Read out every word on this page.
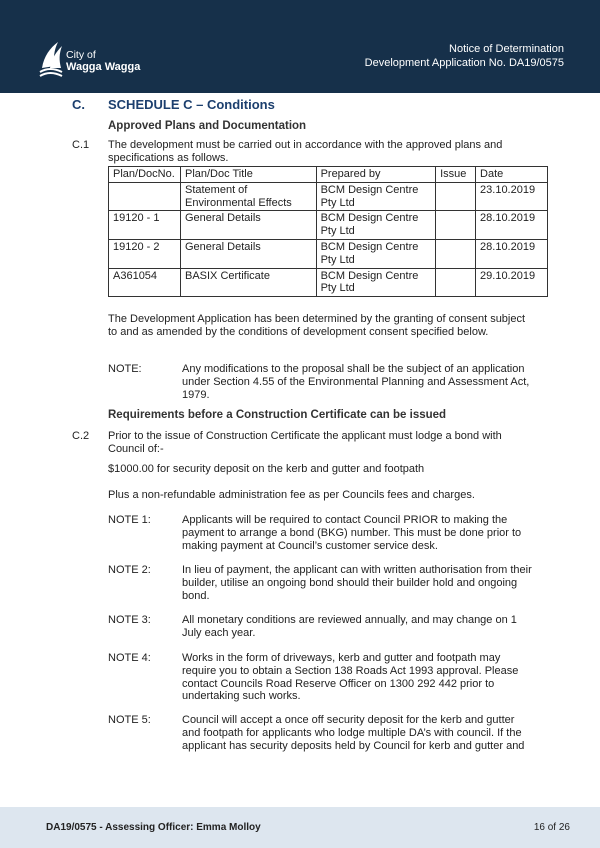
City of
Wagga Wagga
Notice of Determination
Development Application No. DA19/0575
C. SCHEDULE C – Conditions
Approved Plans and Documentation
C.1 The development must be carried out in accordance with the approved plans and specifications as follows.
Plan/DocNo.	Plan/Doc Title	Prepared by	Issue	Date
	Statement of Environmental Effects	BCM Design Centre Pty Ltd		23.10.2019
19120 - 1	General Details	BCM Design Centre Pty Ltd		28.10.2019
19120 - 2	General Details	BCM Design Centre Pty Ltd		28.10.2019
A361054	BASIX Certificate	BCM Design Centre Pty Ltd		29.10.2019
The Development Application has been determined by the granting of consent subject to and as amended by the conditions of development consent specified below.
NOTE:	Any modifications to the proposal shall be the subject of an application under Section 4.55 of the Environmental Planning and Assessment Act, 1979.
Requirements before a Construction Certificate can be issued
C.2 Prior to the issue of Construction Certificate the applicant must lodge a bond with Council of:-
$1000.00 for security deposit on the kerb and gutter and footpath
Plus a non-refundable administration fee as per Councils fees and charges.
NOTE 1:	Applicants will be required to contact Council PRIOR to making the payment to arrange a bond (BKG) number. This must be done prior to making payment at Council’s customer service desk.
NOTE 2:	In lieu of payment, the applicant can with written authorisation from their builder, utilise an ongoing bond should their builder hold and ongoing bond.
NOTE 3:	All monetary conditions are reviewed annually, and may change on 1 July each year.
NOTE 4:	Works in the form of driveways, kerb and gutter and footpath may require you to obtain a Section 138 Roads Act 1993 approval. Please contact Councils Road Reserve Officer on 1300 292 442 prior to undertaking such works.
NOTE 5:	Council will accept a once off security deposit for the kerb and gutter and footpath for applicants who lodge multiple DA’s with council. If the applicant has security deposits held by Council for kerb and gutter and
DA19/0575 - Assessing Officer: Emma Molloy	16 of 26
